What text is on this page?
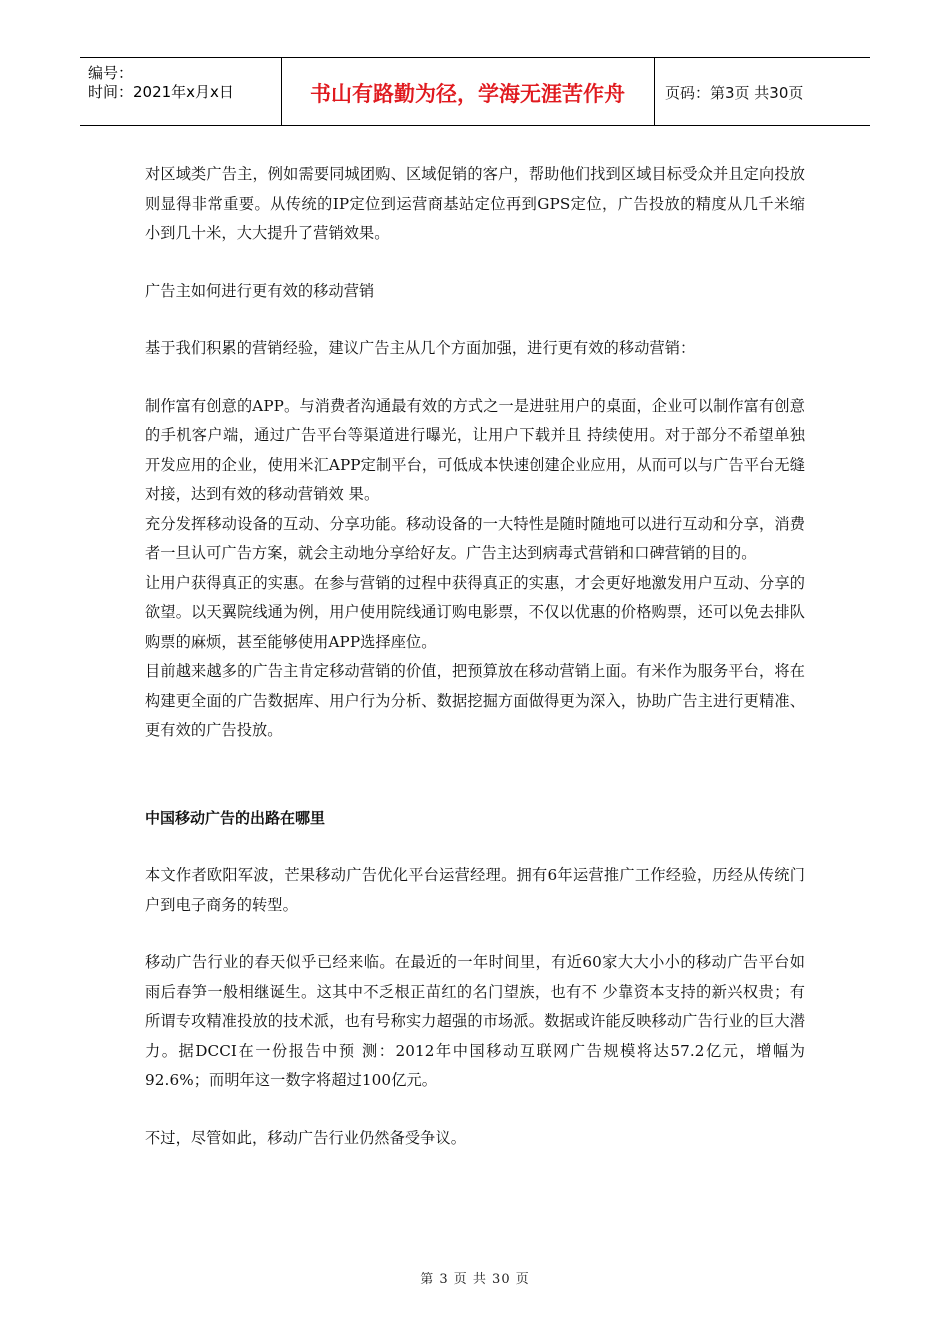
编号：
时间：2021年x月x日	书山有路勤为径，学海无涯苦作舟	页码：第3页 共30页

对区域类广告主，例如需要同城团购、区域促销的客户，帮助他们找到区域目标受众并且定向投放则显得非常重要。从传统的IP定位到运营商基站定位再到GPS定位，广告投放的精度从几千米缩小到几十米，大大提升了营销效果。

广告主如何进行更有效的移动营销

基于我们积累的营销经验，建议广告主从几个方面加强，进行更有效的移动营销：

制作富有创意的APP。与消费者沟通最有效的方式之一是进驻用户的桌面，企业可以制作富有创意的手机客户端，通过广告平台等渠道进行曝光，让用户下载并且 持续使用。对于部分不希望单独开发应用的企业，使用米汇APP定制平台，可低成本快速创建企业应用，从而可以与广告平台无缝对接，达到有效的移动营销效 果。

充分发挥移动设备的互动、分享功能。移动设备的一大特性是随时随地可以进行互动和分享，消费者一旦认可广告方案，就会主动地分享给好友。广告主达到病毒式营销和口碑营销的目的。

让用户获得真正的实惠。在参与营销的过程中获得真正的实惠，才会更好地激发用户互动、分享的欲望。以天翼院线通为例，用户使用院线通订购电影票，不仅以优惠的价格购票，还可以免去排队购票的麻烦，甚至能够使用APP选择座位。

目前越来越多的广告主肯定移动营销的价值，把预算放在移动营销上面。有米作为服务平台，将在构建更全面的广告数据库、用户行为分析、数据挖掘方面做得更为深入，协助广告主进行更精准、更有效的广告投放。

中国移动广告的出路在哪里

本文作者欧阳军波，芒果移动广告优化平台运营经理。拥有6年运营推广工作经验，历经从传统门户到电子商务的转型。

移动广告行业的春天似乎已经来临。在最近的一年时间里，有近60家大大小小的移动广告平台如雨后春笋一般相继诞生。这其中不乏根正苗红的名门望族，也有不 少靠资本支持的新兴权贵；有所谓专攻精准投放的技术派，也有号称实力超强的市场派。数据或许能反映移动广告行业的巨大潜力。据DCCI在一份报告中预 测：2012年中国移动互联网广告规模将达57.2亿元，增幅为92.6%；而明年这一数字将超过100亿元。

不过，尽管如此，移动广告行业仍然备受争议。

第 3 页 共 30 页
